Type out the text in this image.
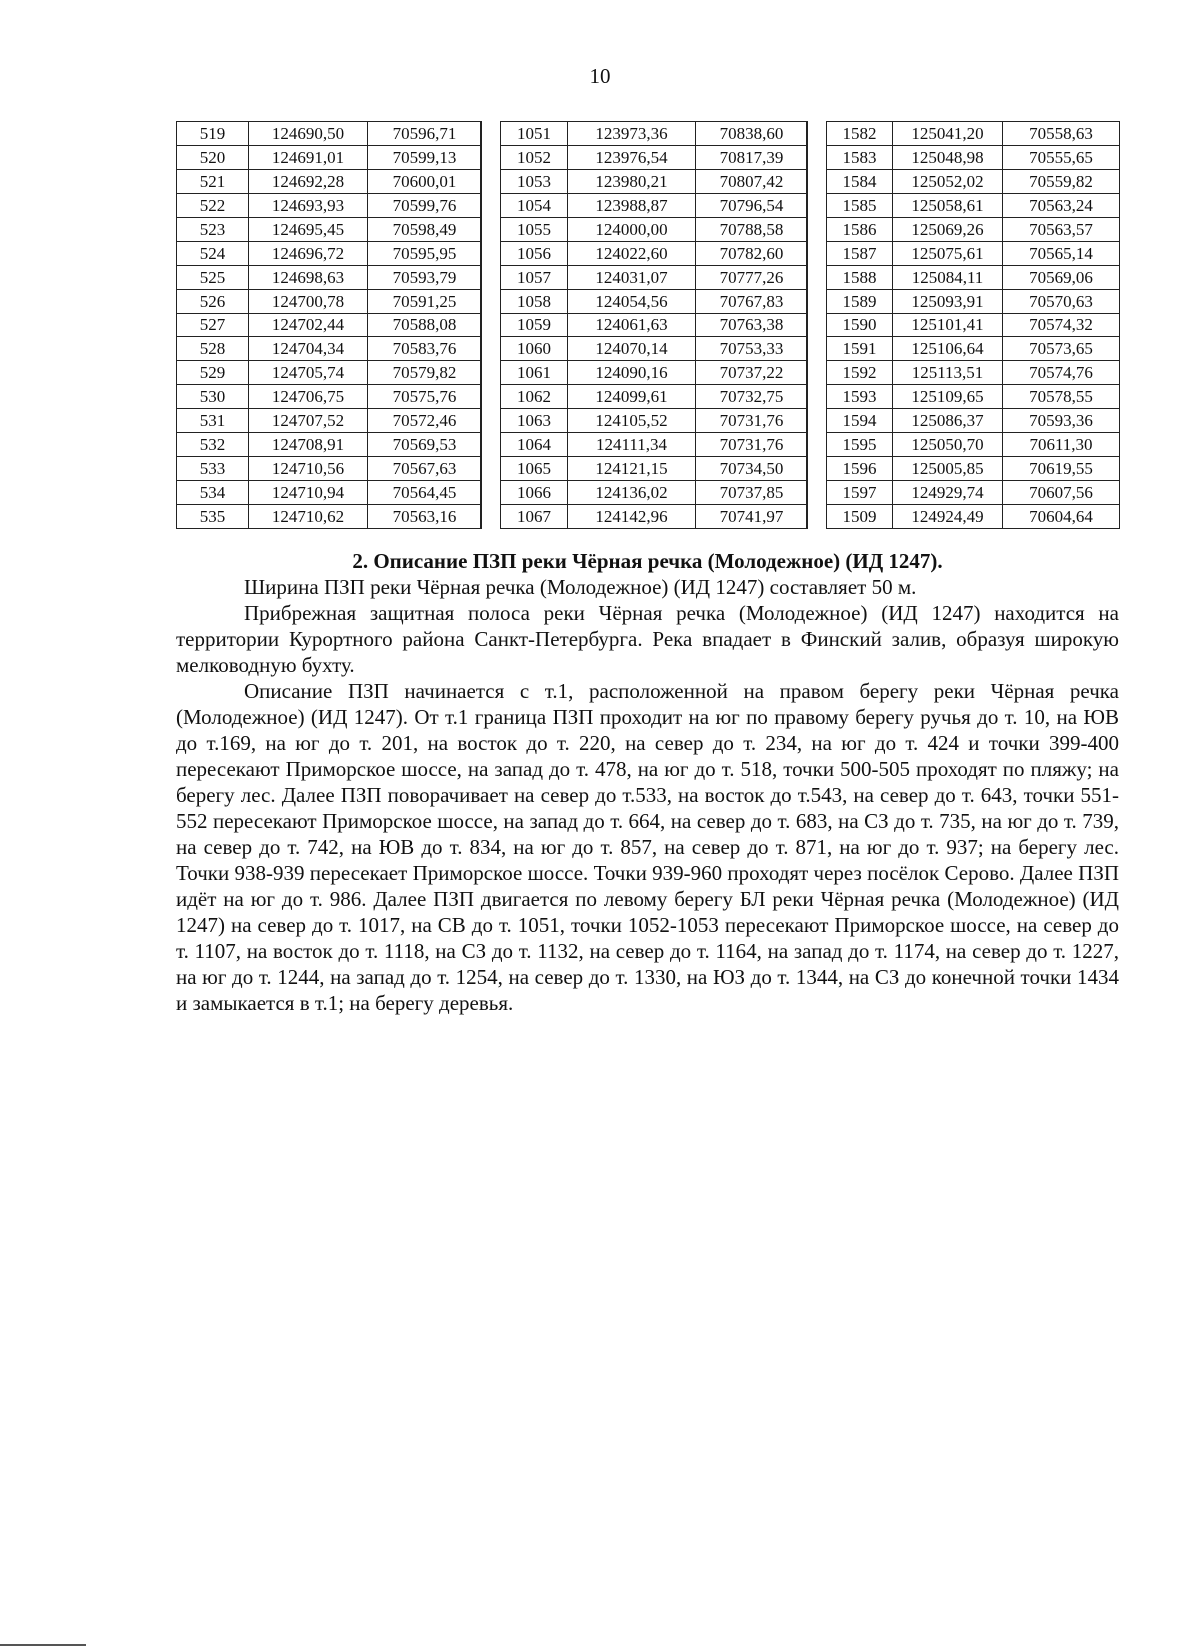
10
519	124690,50	70596,71
520	124691,01	70599,13
521	124692,28	70600,01
522	124693,93	70599,76
523	124695,45	70598,49
524	124696,72	70595,95
525	124698,63	70593,79
526	124700,78	70591,25
527	124702,44	70588,08
528	124704,34	70583,76
529	124705,74	70579,82
530	124706,75	70575,76
531	124707,52	70572,46
532	124708,91	70569,53
533	124710,56	70567,63
534	124710,94	70564,45
535	124710,62	70563,16
	1051	123973,36	70838,60
	1052	123976,54	70817,39
	1053	123980,21	70807,42
	1054	123988,87	70796,54
	1055	124000,00	70788,58
	1056	124022,60	70782,60
	1057	124031,07	70777,26
	1058	124054,56	70767,83
	1059	124061,63	70763,38
	1060	124070,14	70753,33
	1061	124090,16	70737,22
	1062	124099,61	70732,75
	1063	124105,52	70731,76
	1064	124111,34	70731,76
	1065	124121,15	70734,50
	1066	124136,02	70737,85
	1067	124142,96	70741,97
	1582	125041,20	70558,63
	1583	125048,98	70555,65
	1584	125052,02	70559,82
	1585	125058,61	70563,24
	1586	125069,26	70563,57
	1587	125075,61	70565,14
	1588	125084,11	70569,06
	1589	125093,91	70570,63
	1590	125101,41	70574,32
	1591	125106,64	70573,65
	1592	125113,51	70574,76
	1593	125109,65	70578,55
	1594	125086,37	70593,36
	1595	125050,70	70611,30
	1596	125005,85	70619,55
	1597	124929,74	70607,56
	1509	124924,49	70604,64

2. Описание ПЗП реки Чёрная речка (Молодежное) (ИД 1247).

Ширина ПЗП реки Чёрная речка (Молодежное) (ИД 1247) составляет 50 м.

Прибрежная защитная полоса реки Чёрная речка (Молодежное) (ИД 1247) находится на территории Курортного района Санкт-Петербурга. Река впадает в Финский залив, образуя широкую мелководную бухту.

Описание ПЗП начинается с т.1, расположенной на правом берегу реки Чёрная речка (Молодежное) (ИД 1247). От т.1 граница ПЗП проходит на юг по правому берегу ручья до т. 10, на ЮВ до т.169, на юг до т. 201, на восток до т. 220, на север до т. 234, на юг до т. 424 и точки 399-400 пересекают Приморское шоссе, на запад до т. 478, на юг до т. 518, точки 500-505 проходят по пляжу; на берегу лес. Далее ПЗП поворачивает на север до т.533, на восток до т.543, на север до т. 643, точки 551-552 пересекают Приморское шоссе, на запад до т. 664, на север до т. 683, на СЗ до т. 735, на юг до т. 739, на север до т. 742, на ЮВ до т. 834, на юг до т. 857, на север до т. 871, на юг до т. 937; на берегу лес. Точки 938-939 пересекает Приморское шоссе. Точки 939-960 проходят через посёлок Серово. Далее ПЗП идёт на юг до т. 986. Далее ПЗП двигается по левому берегу БЛ реки Чёрная речка (Молодежное) (ИД 1247) на север до т. 1017, на СВ до т. 1051, точки 1052-1053 пересекают Приморское шоссе, на север до т. 1107, на восток до т. 1118, на СЗ до т. 1132, на север до т. 1164, на запад до т. 1174, на север до т. 1227, на юг до т. 1244, на запад до т. 1254, на север до т. 1330, на ЮЗ до т. 1344, на СЗ до конечной точки 1434 и замыкается в т.1; на берегу деревья.
